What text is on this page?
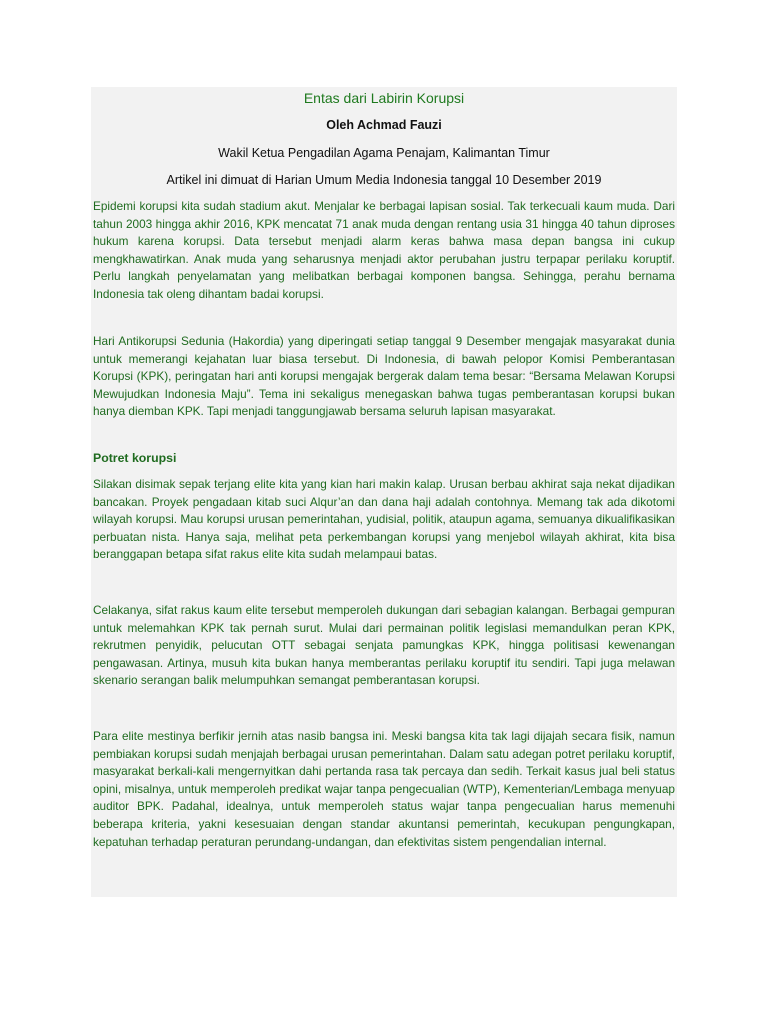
Entas dari Labirin Korupsi
Oleh Achmad Fauzi
Wakil Ketua Pengadilan Agama Penajam, Kalimantan Timur
Artikel ini dimuat di Harian Umum Media Indonesia tanggal 10 Desember 2019

Epidemi korupsi kita sudah stadium akut. Menjalar ke berbagai lapisan sosial. Tak terkecuali kaum muda. Dari tahun 2003 hingga akhir 2016, KPK mencatat 71 anak muda dengan rentang usia 31 hingga 40 tahun diproses hukum karena korupsi. Data tersebut menjadi alarm keras bahwa masa depan bangsa ini cukup mengkhawatirkan. Anak muda yang seharusnya menjadi aktor perubahan justru terpapar perilaku koruptif. Perlu langkah penyelamatan yang melibatkan berbagai komponen bangsa. Sehingga, perahu bernama Indonesia tak oleng dihantam badai korupsi.

Hari Antikorupsi Sedunia (Hakordia) yang diperingati setiap tanggal 9 Desember mengajak masyarakat dunia untuk memerangi kejahatan luar biasa tersebut. Di Indonesia, di bawah pelopor Komisi Pemberantasan Korupsi (KPK), peringatan hari anti korupsi mengajak bergerak dalam tema besar: “Bersama Melawan Korupsi Mewujudkan Indonesia Maju”. Tema ini sekaligus menegaskan bahwa tugas pemberantasan korupsi bukan hanya diemban KPK. Tapi menjadi tanggungjawab bersama seluruh lapisan masyarakat.

Potret korupsi

Silakan disimak sepak terjang elite kita yang kian hari makin kalap. Urusan berbau akhirat saja nekat dijadikan bancakan. Proyek pengadaan kitab suci Alqur’an dan dana haji adalah contohnya. Memang tak ada dikotomi wilayah korupsi. Mau korupsi urusan pemerintahan, yudisial, politik, ataupun agama, semuanya dikualifikasikan perbuatan nista. Hanya saja, melihat peta perkembangan korupsi yang menjebol wilayah akhirat, kita bisa beranggapan betapa sifat rakus elite kita sudah melampaui batas.

Celakanya, sifat rakus kaum elite tersebut memperoleh dukungan dari sebagian kalangan. Berbagai gempuran untuk melemahkan KPK tak pernah surut. Mulai dari permainan politik legislasi memandulkan peran KPK, rekrutmen penyidik, pelucutan OTT sebagai senjata pamungkas KPK, hingga politisasi kewenangan pengawasan. Artinya, musuh kita bukan hanya memberantas perilaku koruptif itu sendiri. Tapi juga melawan skenario serangan balik melumpuhkan semangat pemberantasan korupsi.

Para elite mestinya berfikir jernih atas nasib bangsa ini. Meski bangsa kita tak lagi dijajah secara fisik, namun pembiakan korupsi sudah menjajah berbagai urusan pemerintahan. Dalam satu adegan potret perilaku koruptif, masyarakat berkali-kali mengernyitkan dahi pertanda rasa tak percaya dan sedih. Terkait kasus jual beli status opini, misalnya, untuk memperoleh predikat wajar tanpa pengecualian (WTP), Kementerian/Lembaga menyuap auditor BPK. Padahal, idealnya, untuk memperoleh status wajar tanpa pengecualian harus memenuhi beberapa kriteria, yakni kesesuaian dengan standar akuntansi pemerintah, kecukupan pengungkapan, kepatuhan terhadap peraturan perundang-undangan, dan efektivitas sistem pengendalian internal.
